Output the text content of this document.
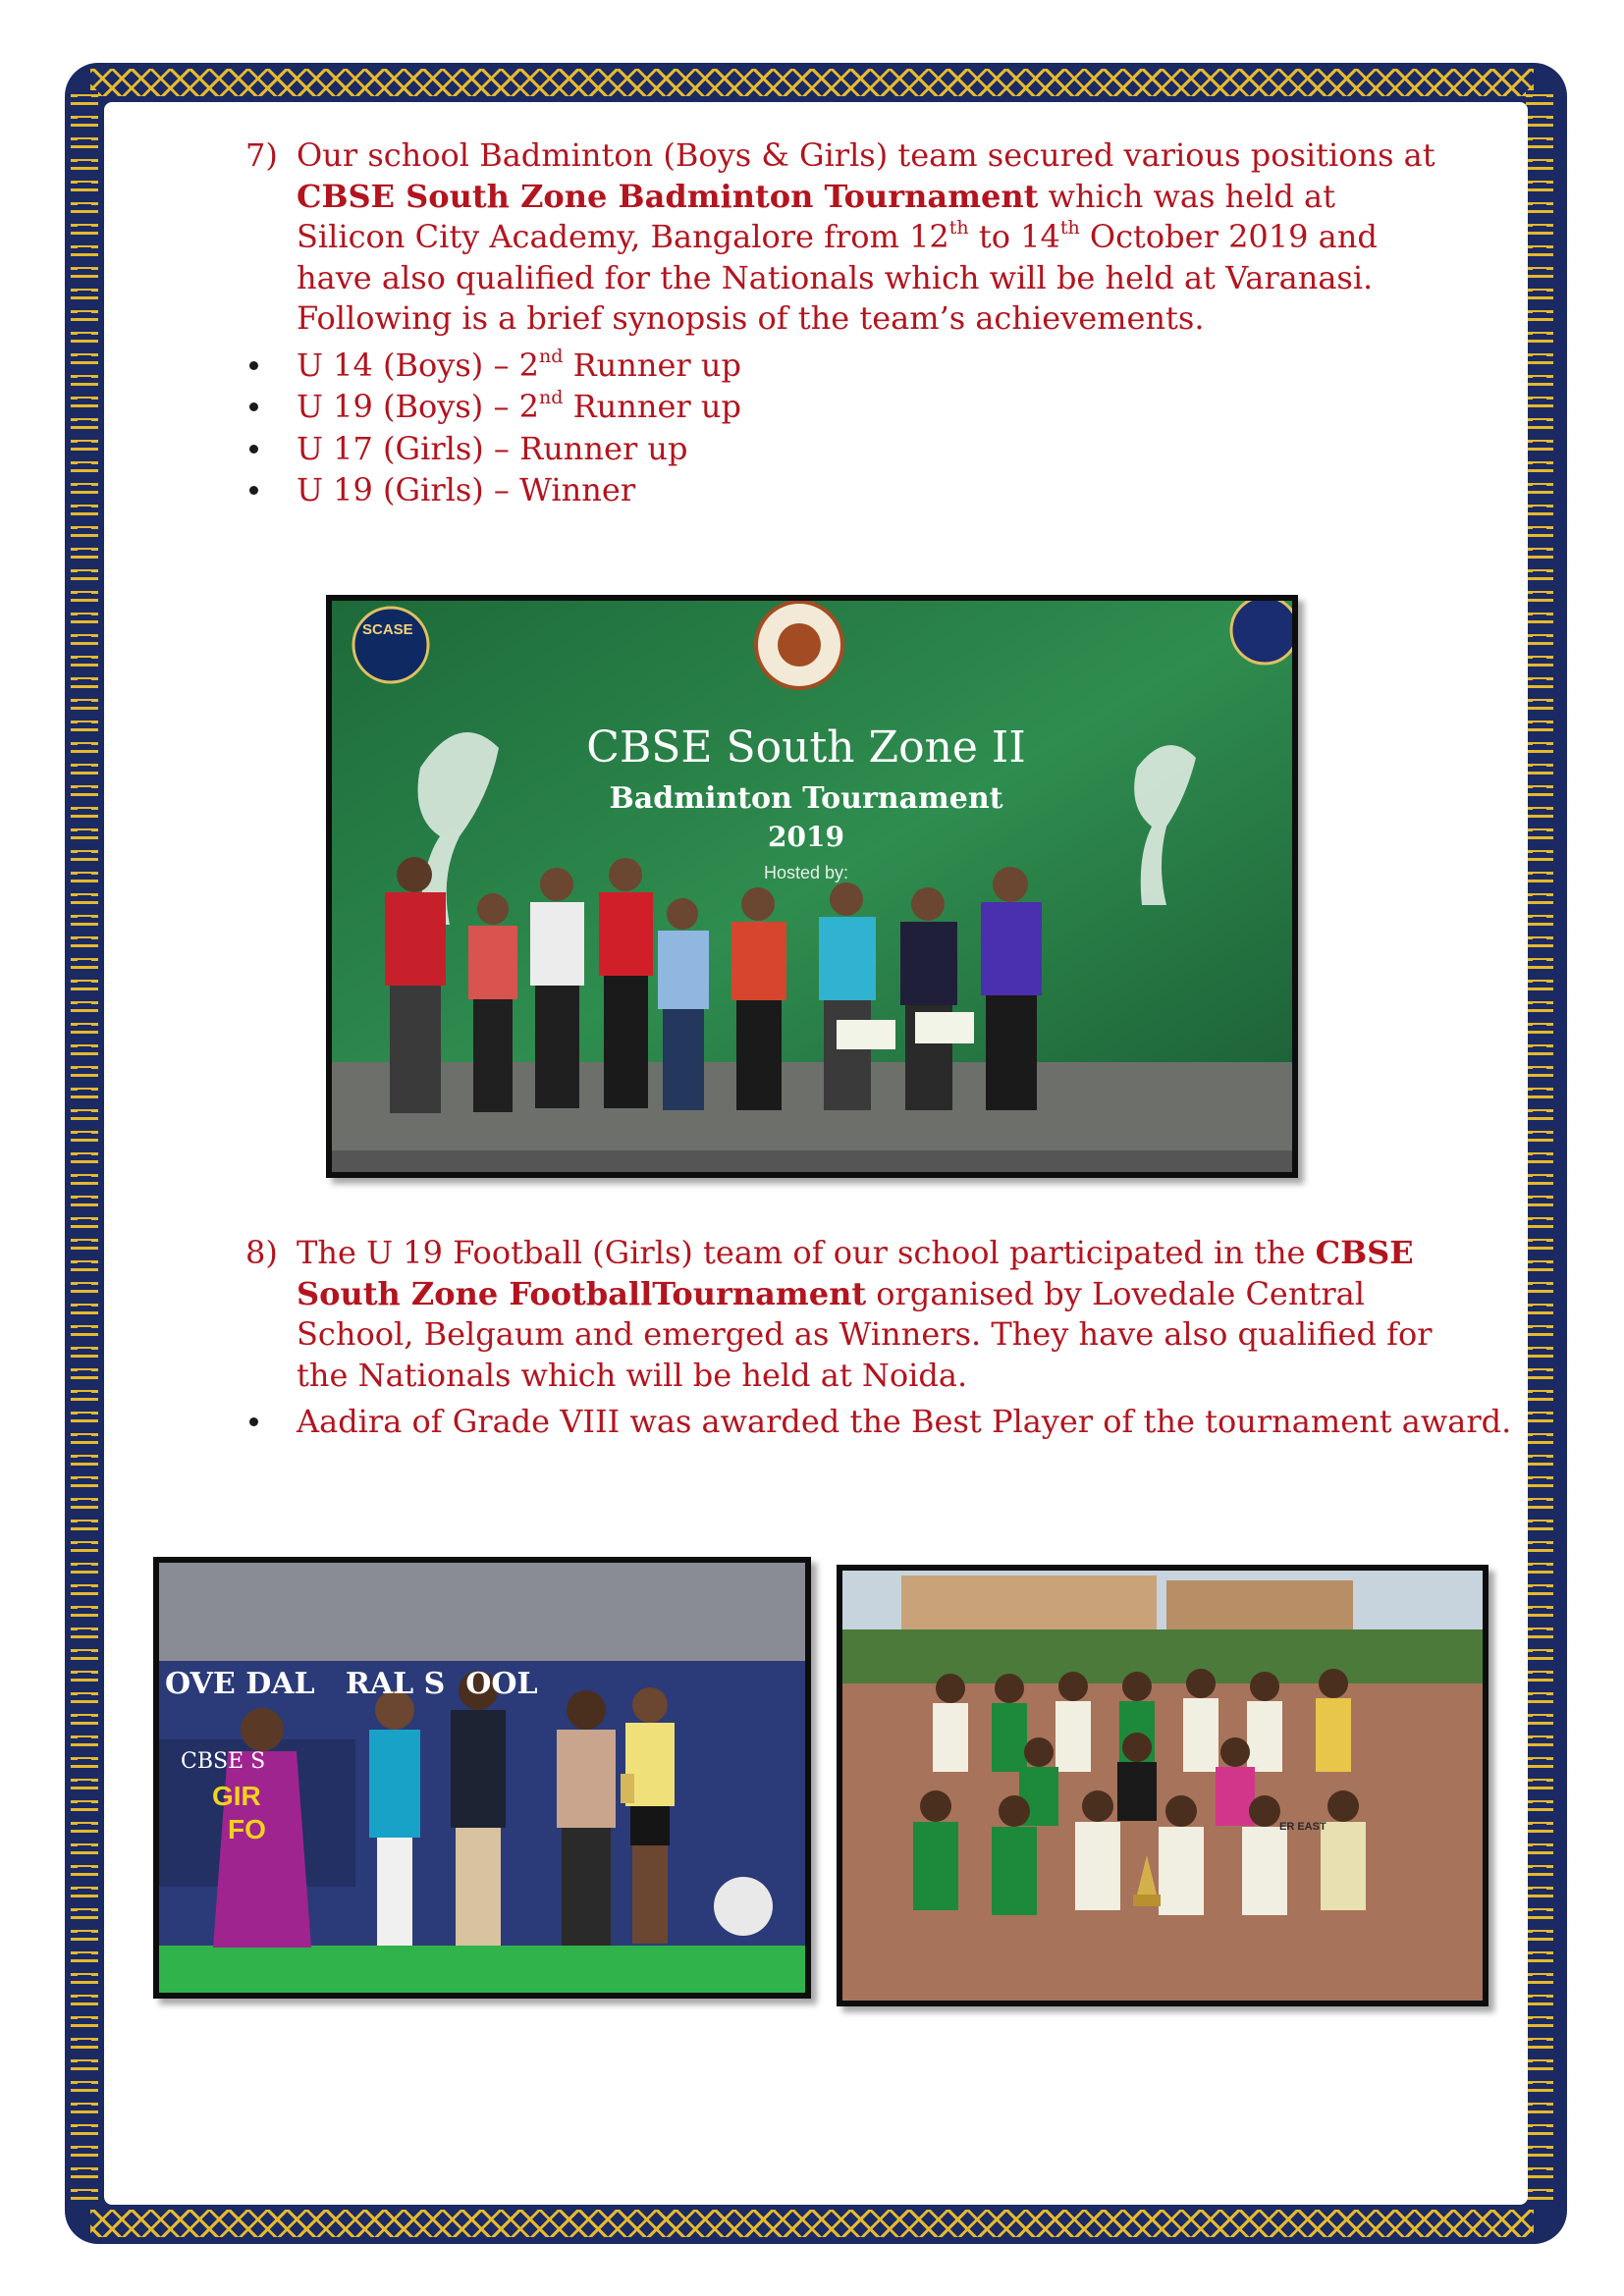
7) Our school Badminton (Boys & Girls) team secured various positions at CBSE South Zone Badminton Tournament which was held at Silicon City Academy, Bangalore from 12th to 14th October 2019 and have also qualified for the Nationals which will be held at Varanasi. Following is a brief synopsis of the team’s achievements.
U 14 (Boys) – 2nd Runner up
U 19 (Boys) – 2nd Runner up
U 17 (Girls) – Runner up
U 19 (Girls) – Winner
SCASE
CBSE South Zone II
Badminton Tournament
2019
Hosted by:
8) The U 19 Football (Girls) team of our school participated in the CBSE South Zone FootballTournament organised by Lovedale Central School, Belgaum and emerged as Winners. They have also qualified for the Nationals which will be held at Noida.
Aadira of Grade VIII was awarded the Best Player of the tournament award.
OVE DAL   RAL S  OOL
CBSE S
GIR
FO	ER EAST
